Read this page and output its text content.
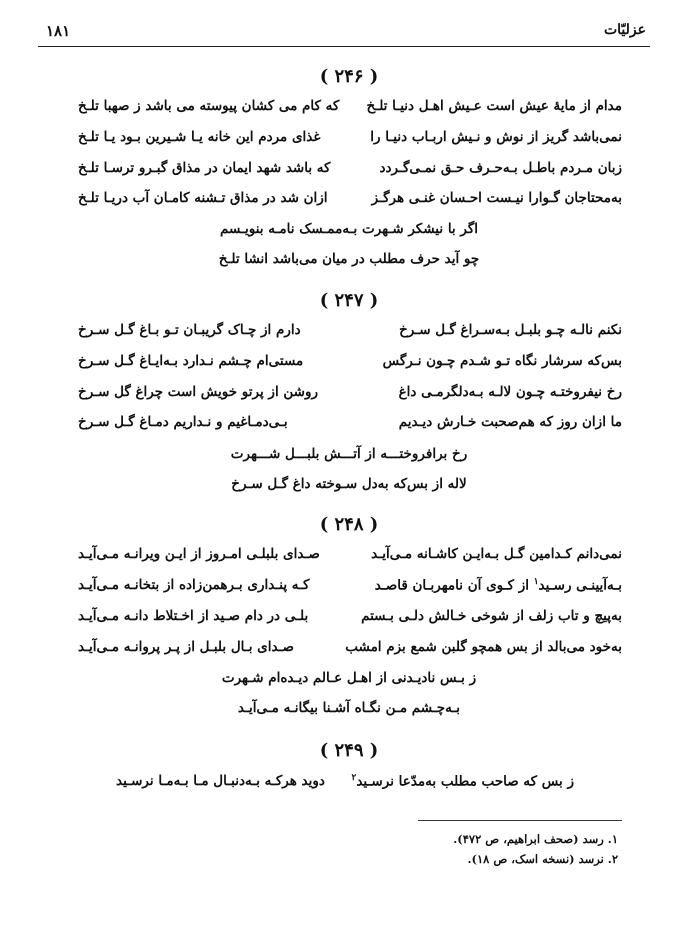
۱۸۱	عزلیّات
( ۲۴۶ )
مدام از مایهٔ عیش است عـیش اهـل دنیـا تلـخ
که کام می کشان پیوسته می باشد ز صهبا تلـخ
نمی‌باشد گریز از نوش و نـیش اربـاب دنیـا را
غذای مردم این خانه یـا شـیرین بـود یـا تلـخ
زبان مـردم باطـل بـه‌حـرف حـق نمـی‌گـردد
که باشد شهد ایمان در مذاق گبـرو ترسـا تلـخ
به‌محتاجان گـوارا نیـست احـسان غنـی هرگـز
ازان شد در مذاق تـشنه کامـان آب دریـا تلـخ
اگر با نیشکر شـهرت بـه‌ممـسک نامـه بنویـسم
چو آید حرف مطلب در میان می‌باشد انشا تلـخ
( ۲۴۷ )
نکنم نالـه چـو بلبـل بـه‌سـراغ گـل سـرخ
دارم از چـاک گریبـان تـو بـاغ گـل سـرخ
بس‌که سرشار نگاه تـو شـدم چـون نـرگس
مستی‌ام چـشم نـدارد بـه‌ایـاغ گـل سـرخ
رخ نیفروختـه چـون لالـه بـه‌دلگرمـی داغ
روشن از پرتو خویش است چراغ گل سـرخ
ما ازان روز که هم‌صحبت خـارش دیـدیم
بـی‌دمـاغیم و نـداریم دمـاغ گـل سـرخ
رخ برافروختـــه از آتـــش بلبـــل شـــهرت
لاله از بس‌که به‌دل سـوخته داغ گـل سـرخ
( ۲۴۸ )
نمی‌دانم کـدامین گـل بـه‌ایـن کاشـانه مـی‌آیـد
صـدای بلبلـی امـروز از ایـن ویرانـه مـی‌آیـد
بـه‌آیینـی رسـید$^۱$ از کـوی آن نامهربـان قاصـد
کـه پنـداری بـرهمن‌زاده از بتخانـه مـی‌آیـد
به‌پیچ و تاب زلف از شوخی خـالش دلـی بـستم
بلـی در دام صـید از اخـتلاط دانـه مـی‌آیـد
به‌خود می‌بالد از بس همچو گلبن شمع بزم امشب
صـدای بـال بلبـل از پـر پروانـه مـی‌آیـد
ز بـس نادیـدنی از اهـل عـالم دیـده‌ام شـهرت
بـه‌چـشم مـن نگـاه آشـنا بیگانـه مـی‌آیـد
( ۲۴۹ )
ز بس که صاحب مطلب به‌مدّعا نرسـید$^۲$
دوید هرکـه بـه‌دنبـال مـا بـه‌مـا نرسـید
۱. رسد (صحف ابراهیم، ص ۴۷۲).
۲. نرسد (نسخه اسک، ص ۱۸).
